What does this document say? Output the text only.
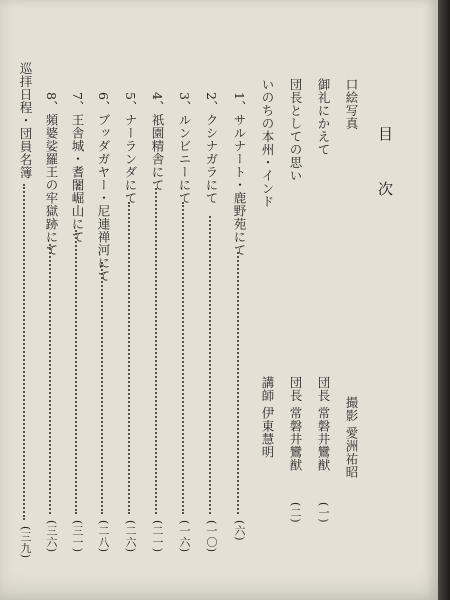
目次
口絵写真
撮影 愛洲祐昭
御礼にかえて
団長 常磐井鸞猷
(一)
団長としての思い
団長 常磐井鸞猷
(二)
いのちの本州・インド
講師 伊東慧明
1、サルナート・鹿野苑にて
(六)
2、クシナガラにて
(一〇)
3、ルンビニーにて
(一六)
4、祇園精舎にて
(二一)
5、ナーランダにて
(二六)
6、ブッダガヤー・尼連禅河にて
(二八)
7、王舎城・耆闍崛山にて
(三一)
8、頻婆娑羅王の牢獄跡にて
(三六)
巡拝日程・団員名簿
(三九)
